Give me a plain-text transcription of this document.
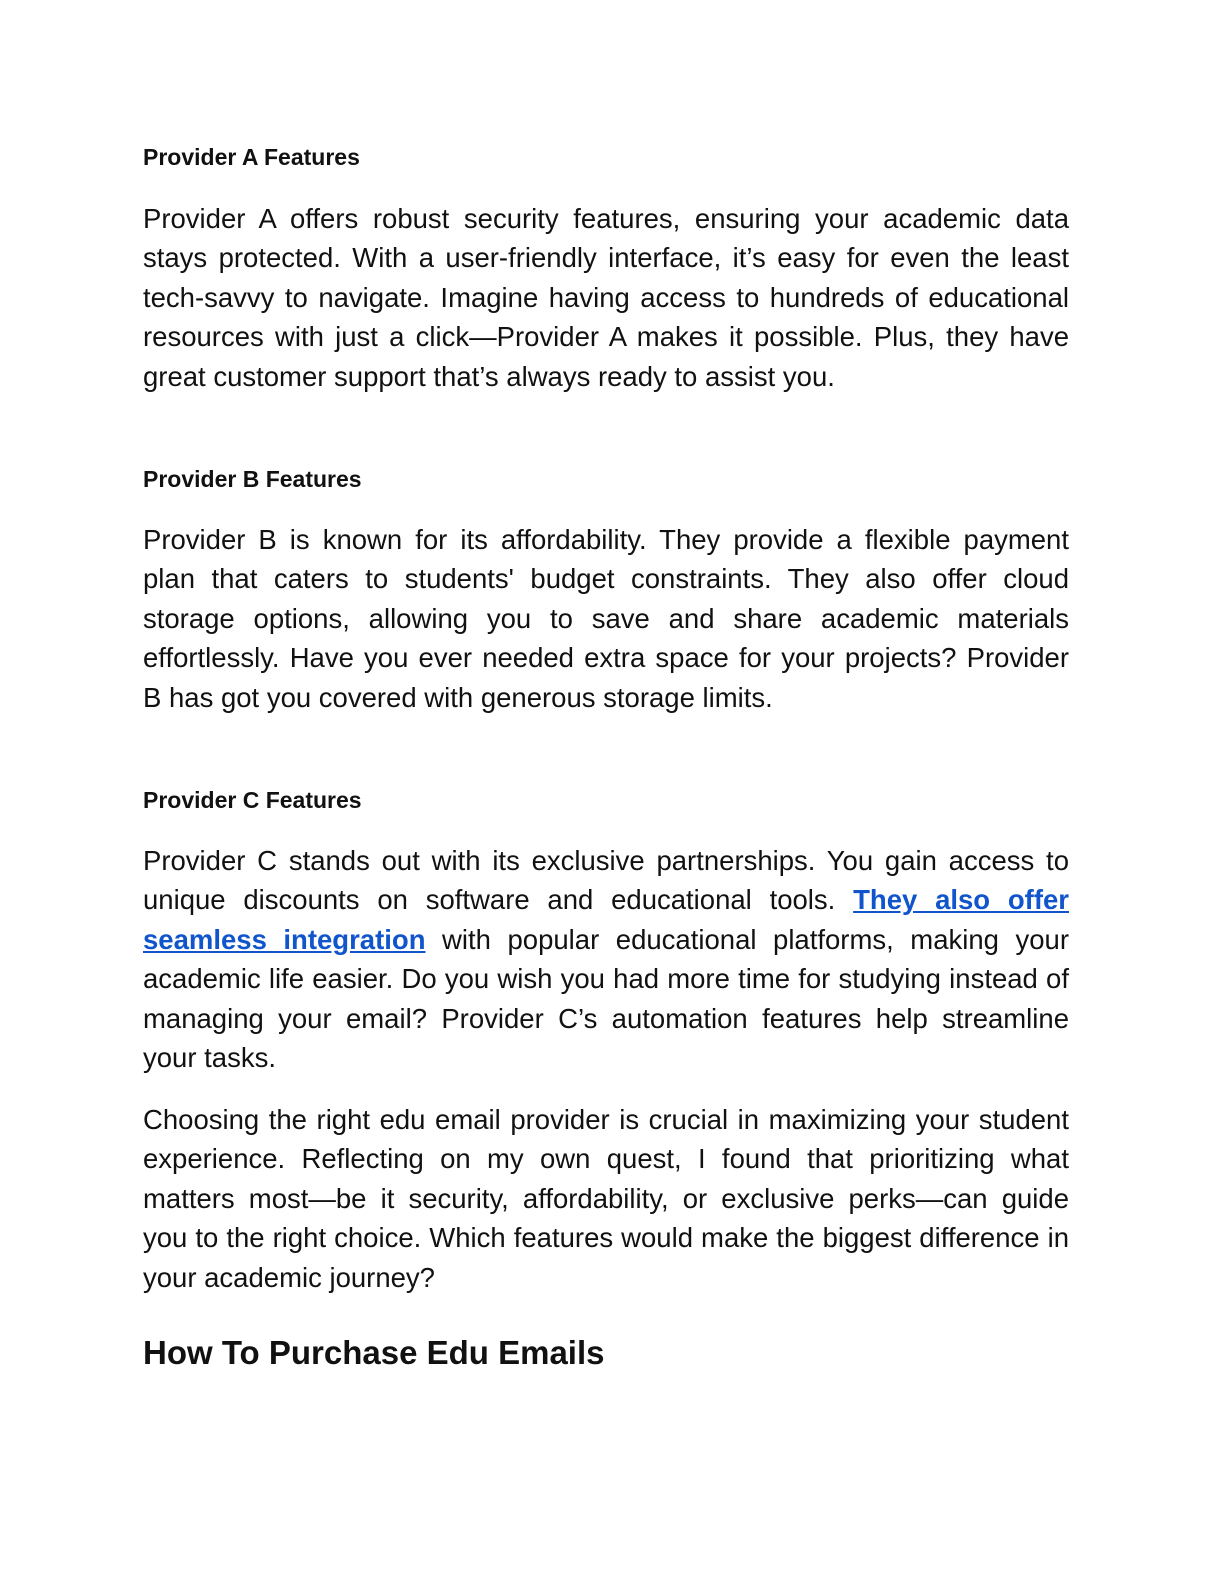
Provider A Features

Provider A offers robust security features, ensuring your academic data stays protected. With a user-friendly interface, it’s easy for even the least tech-savvy to navigate. Imagine having access to hundreds of educational resources with just a click—Provider A makes it possible. Plus, they have great customer support that’s always ready to assist you.

Provider B Features

Provider B is known for its affordability. They provide a flexible payment plan that caters to students' budget constraints. They also offer cloud storage options, allowing you to save and share academic materials effortlessly. Have you ever needed extra space for your projects? Provider B has got you covered with generous storage limits.

Provider C Features

Provider C stands out with its exclusive partnerships. You gain access to unique discounts on software and educational tools. They also offer seamless integration with popular educational platforms, making your academic life easier. Do you wish you had more time for studying instead of managing your email? Provider C’s automation features help streamline your tasks.

Choosing the right edu email provider is crucial in maximizing your student experience. Reflecting on my own quest, I found that prioritizing what matters most—be it security, affordability, or exclusive perks—can guide you to the right choice. Which features would make the biggest difference in your academic journey?

How To Purchase Edu Emails
